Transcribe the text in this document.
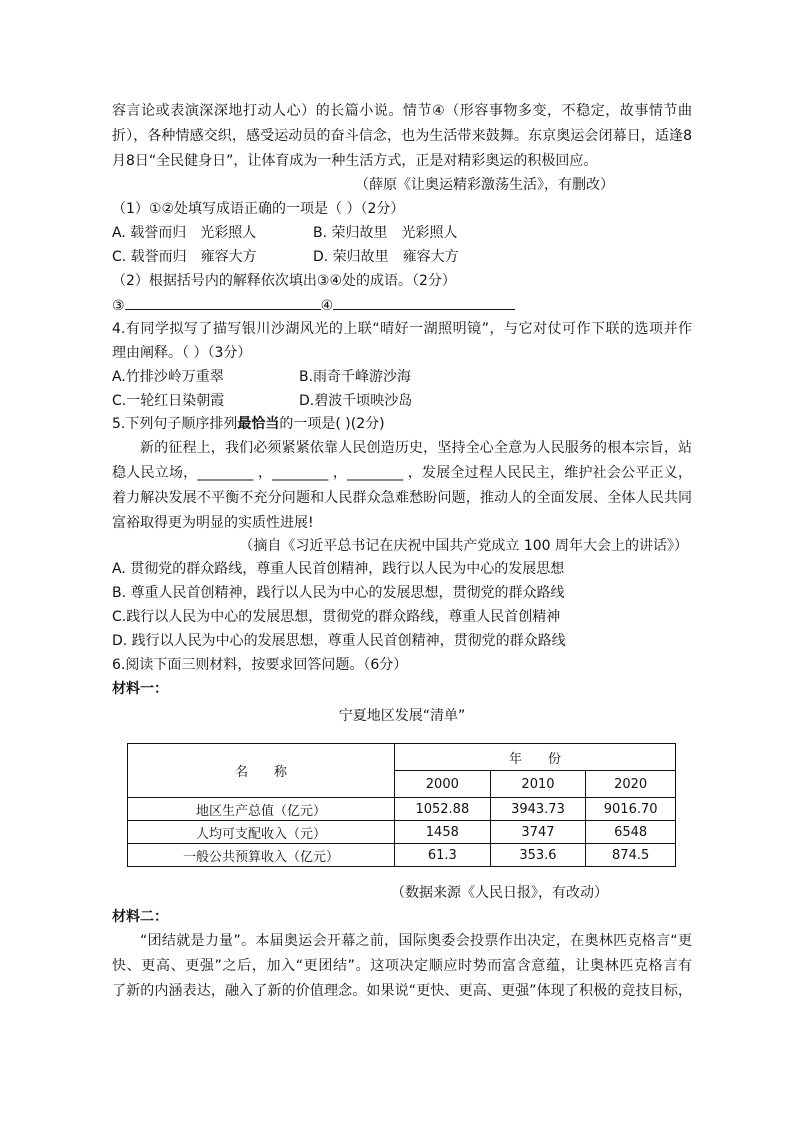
容言论或表演深深地打动人心）的长篇小说。情节④（形容事物多变，不稳定，故事情节曲
折），各种情感交织，感受运动员的奋斗信念，也为生活带来鼓舞。东京奥运会闭幕日，适逢8
月8日“全民健身日”，让体育成为一种生活方式，正是对精彩奥运的积极回应。
（薛原《让奥运精彩激荡生活》，有删改）
（1）①②处填写成语正确的一项是（ ）（2分）
A. 载誉而归　光彩照人	B. 荣归故里　光彩照人
C. 载誉而归　雍容大方	D. 荣归故里　雍容大方
（2）根据括号内的解释依次填出③④处的成语。（2分）
③	④
4.有同学拟写了描写银川沙湖风光的上联“晴好一湖照明镜”，与它对仗可作下联的选项并作
理由阐释。（ ）（3分）
A.竹排沙岭万重翠	B.雨奇千峰游沙海
C.一轮红日染朝霞	D.碧波千顷映沙岛
5.下列句子顺序排列最恰当的一项是( )(2分)
新的征程上，我们必须紧紧依靠人民创造历史，坚持全心全意为人民服务的根本宗旨，站
稳人民立场，________ ，________ ，________ ，发展全过程人民民主，维护社会公平正义，
着力解决发展不平衡不充分问题和人民群众急难愁盼问题，推动人的全面发展、全体人民共同
富裕取得更为明显的实质性进展!
（摘自《习近平总书记在庆祝中国共产党成立 100 周年大会上的讲话》）
A. 贯彻党的群众路线，尊重人民首创精神，践行以人民为中心的发展思想
B. 尊重人民首创精神，践行以人民为中心的发展思想，贯彻党的群众路线
C.践行以人民为中心的发展思想，贯彻党的群众路线，尊重人民首创精神
D. 践行以人民为中心的发展思想，尊重人民首创精神，贯彻党的群众路线
6.阅读下面三则材料，按要求回答问题。（6分）
材料一：
宁夏地区发展“清单”
名　　称	年　　份		
	2000	2010	2020
地区生产总值（亿元）	1052.88	3943.73	9016.70
人均可支配收入（元）	1458	3747	6548
一般公共预算收入（亿元）	61.3	353.6	874.5
（数据来源《人民日报》，有改动）
材料二：
“团结就是力量”。本届奥运会开幕之前，国际奥委会投票作出决定，在奥林匹克格言“更
快、更高、更强”之后，加入“更团结”。这项决定顺应时势而富含意蕴，让奥林匹克格言有
了新的内涵表达，融入了新的价值理念。如果说“更快、更高、更强”体现了积极的竞技目标，
